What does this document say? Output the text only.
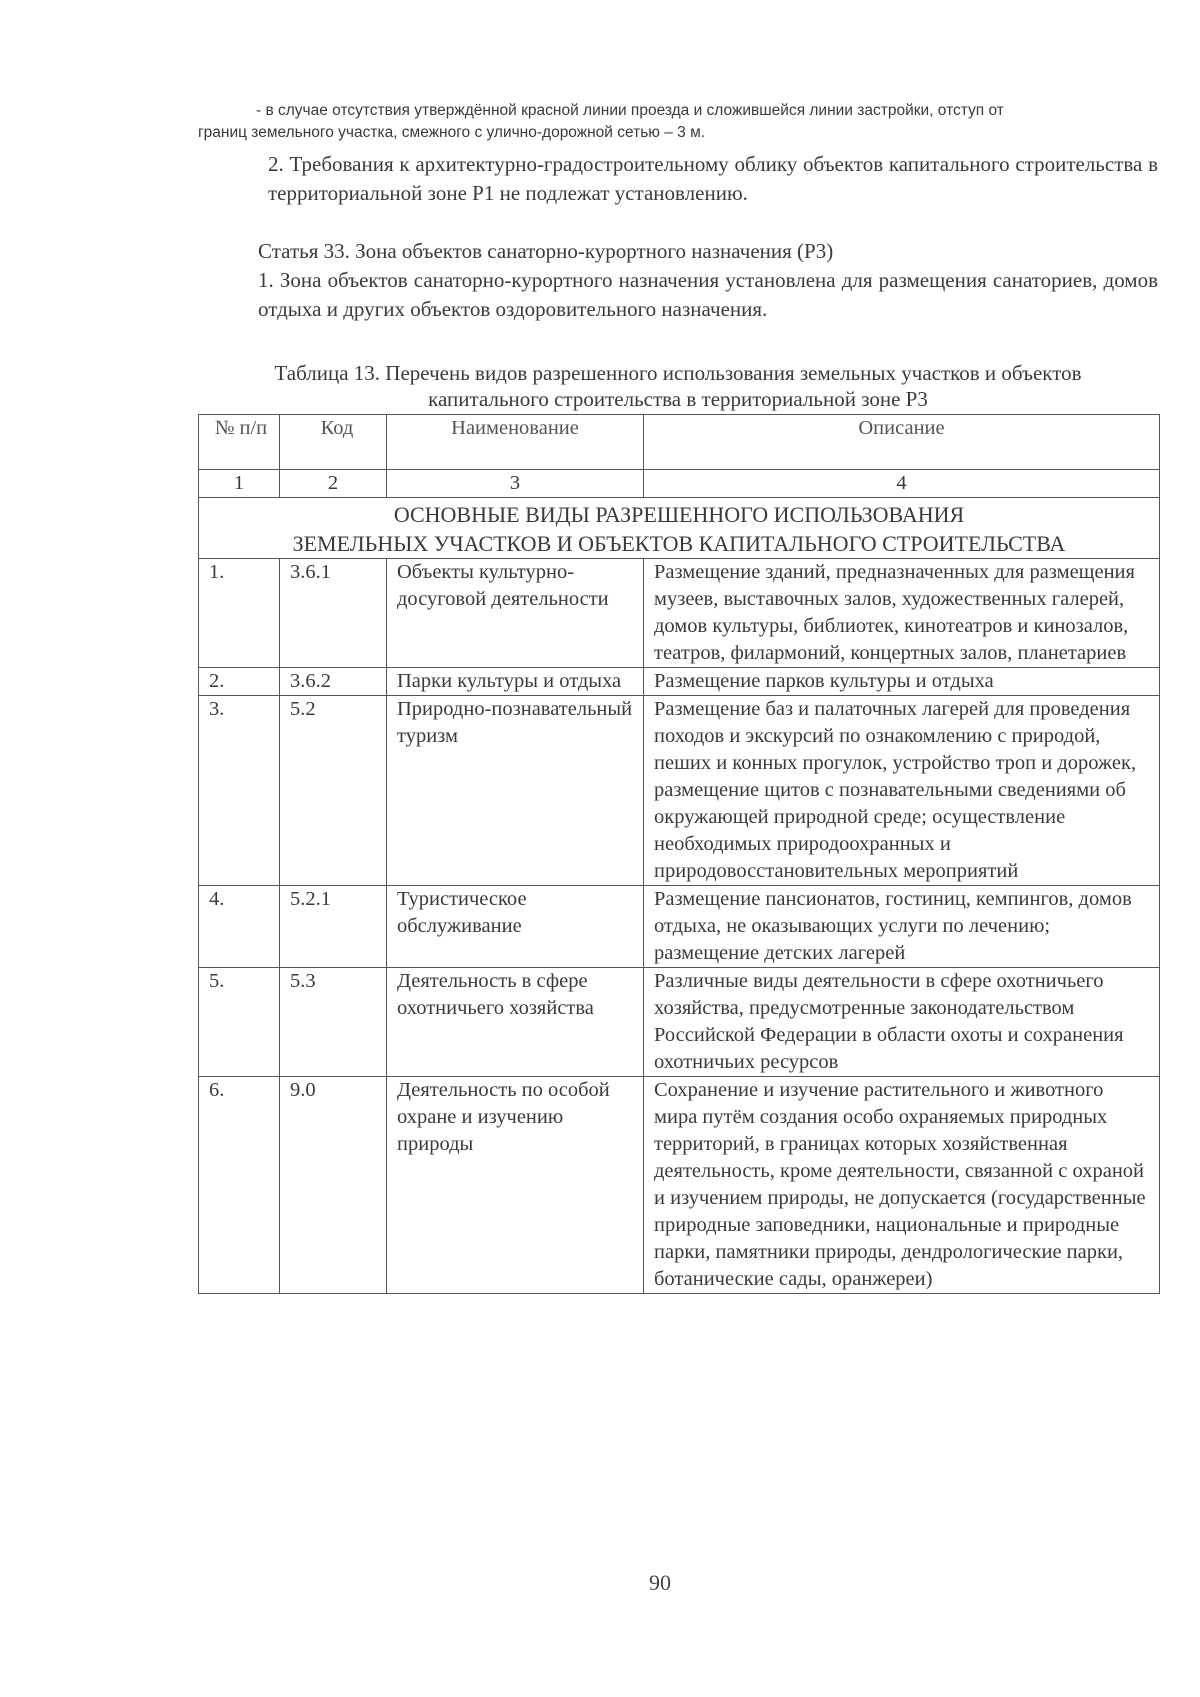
- в случае отсутствия утверждённой красной линии проезда и сложившейся линии застройки, отступ от
границ земельного участка, смежного с улично-дорожной сетью – 3 м.
2. Требования к архитектурно-градостроительному облику объектов капитального строительства в территориальной зоне Р1 не подлежат установлению.
Статья 33. Зона объектов санаторно-курортного назначения (Р3)
1. Зона объектов санаторно-курортного назначения установлена для размещения санаториев, домов отдыха и других объектов оздоровительного назначения.
Таблица 13. Перечень видов разрешенного использования земельных участков и объектов
капитального строительства в территориальной зоне Р3
№ п/п	Код	Наименование	Описание
1	2	3	4

ОСНОВНЫЕ ВИДЫ РАЗРЕШЕННОГО ИСПОЛЬЗОВАНИЯ
ЗЕМЕЛЬНЫХ УЧАСТКОВ И ОБЪЕКТОВ КАПИТАЛЬНОГО СТРОИТЕЛЬСТВА			

1.	3.6.1	Объекты культурно-досуговой деятельности	Размещение зданий, предназначенных для размещения музеев, выставочных залов, художественных галерей, домов культуры, библиотек, кинотеатров и кинозалов, театров, филармоний, концертных залов, планетариев
2.	3.6.2	Парки культуры и отдыха	Размещение парков культуры и отдыха
3.	5.2	Природно-познавательный туризм	Размещение баз и палаточных лагерей для проведения походов и экскурсий по ознакомлению с природой, пеших и конных прогулок, устройство троп и дорожек, размещение щитов с познавательными сведениями об окружающей природной среде; осуществление необходимых природоохранных и природовосстановительных мероприятий
4.	5.2.1	Туристическое обслуживание	Размещение пансионатов, гостиниц, кемпингов, домов отдыха, не оказывающих услуги по лечению; размещение детских лагерей
5.	5.3	Деятельность в сфере охотничьего хозяйства	Различные виды деятельности в сфере охотничьего хозяйства, предусмотренные законодательством Российской Федерации в области охоты и сохранения охотничьих ресурсов
6.	9.0	Деятельность по особой охране и изучению природы	Сохранение и изучение растительного и животного мира путём создания особо охраняемых природных территорий, в границах которых хозяйственная деятельность, кроме деятельности, связанной с охраной и изучением природы, не допускается (государственные природные заповедники, национальные и природные парки, памятники природы, дендрологические парки, ботанические сады, оранжереи)
90
